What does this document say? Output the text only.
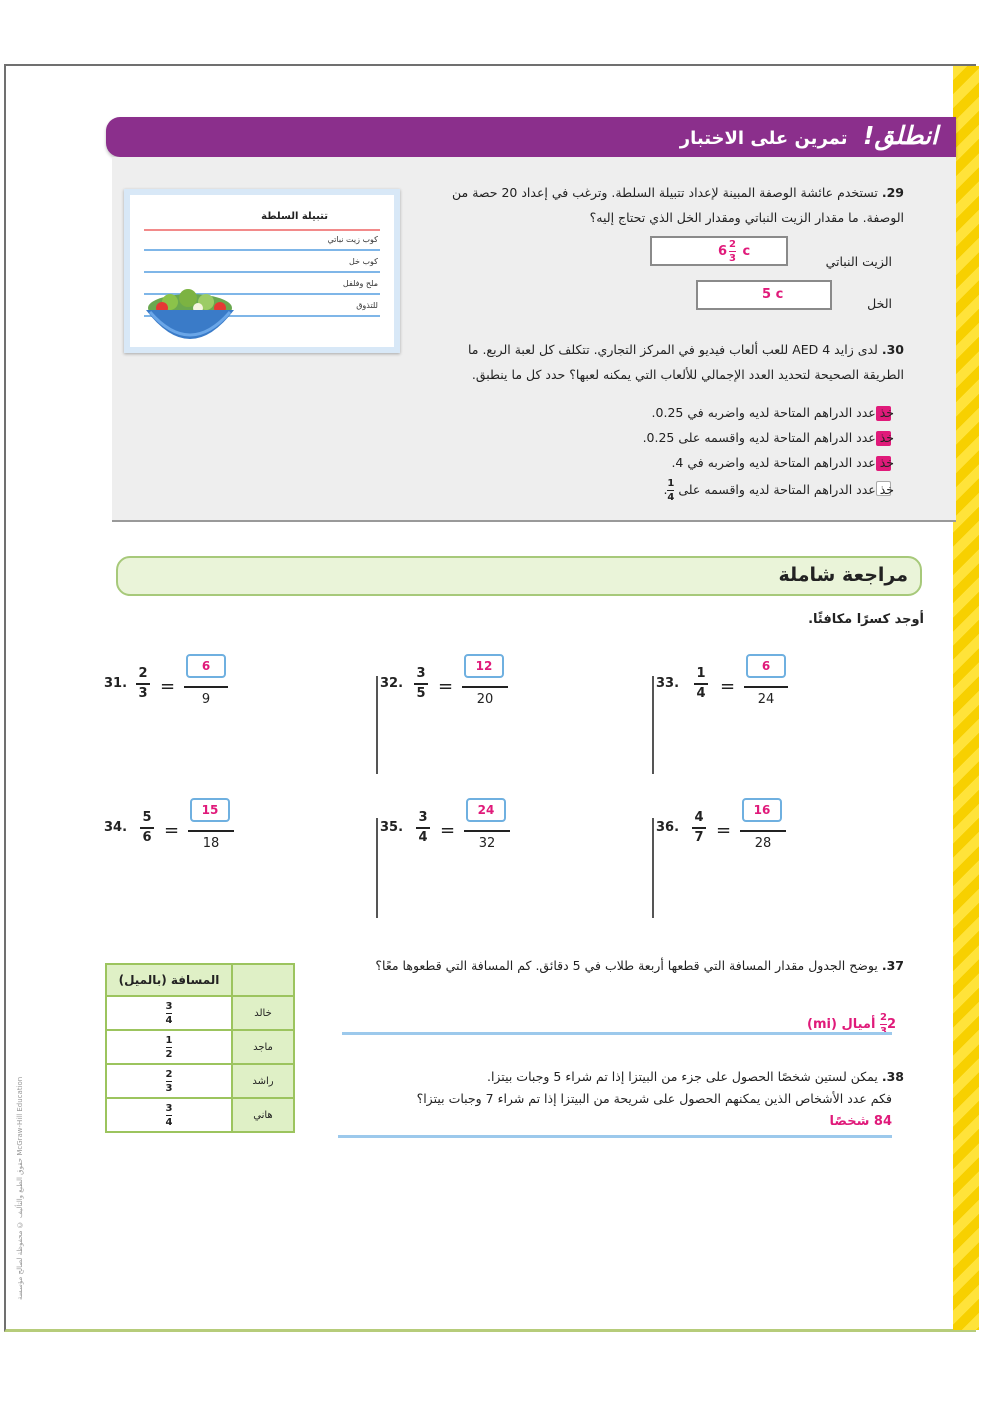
انطلق! تمرين على الاختبار
تتبيلة السلطة
كوب زيت نباتي
كوب خل
ملح وفلفل
للتذوق
29. تستخدم عائشة الوصفة المبينة لإعداد تتبيلة السلطة. وترغب في إعداد 20 حصة من الوصفة. ما مقدار الزيت النباتي ومقدار الخل الذي تحتاج إليه؟
الزيت النباتي
$6 \frac{2}{3}$ c
الخل
5 c
30. لدى زايد 4 AED للعب ألعاب فيديو في المركز التجاري. تتكلف كل لعبة الربع. ما الطريقة الصحيحة لتحديد العدد الإجمالي للألعاب التي يمكنه لعبها؟ حدد كل ما ينطبق.
خذ عدد الدراهم المتاحة لديه واضربه في 0.25.
خذ عدد الدراهم المتاحة لديه واقسمه على 0.25.
خذ عدد الدراهم المتاحة لديه واضربه في 4.
خذ عدد الدراهم المتاحة لديه واقسمه على $\frac{1}{4}$.
مراجعة شاملة
أوجد كسرًا مكافئًا.
31.
2
3 =
6
9
32.
3
5 =
12
20
33.
1
4 =
6
24
34.
5
6 =
15
18
35.
3
4 =
24
32
36.
4
7 =
16
28
المسافة (بالميل)	
$\frac{3}{4}$	خالد
$\frac{1}{2}$	ماجد
$\frac{2}{3}$	راشد
$\frac{3}{4}$	هاني
37. يوضح الجدول مقدار المسافة التي قطعها أربعة طلاب في 5 دقائق. كم المسافة التي قطعوها معًا؟
22
أميال (mi)
38. يمكن لستين شخصًا الحصول على جزء من البيتزا إذا تم شراء 5 وجبات بيتزا.
فكم عدد الأشخاص الذين يمكنهم الحصول على شريحة من البيتزا إذا تم شراء 7 وجبات بيتزا؟
84 شخصًا
حقوق الطبع والتأليف © محفوظة لصالح مؤسسة McGraw-Hill Education
